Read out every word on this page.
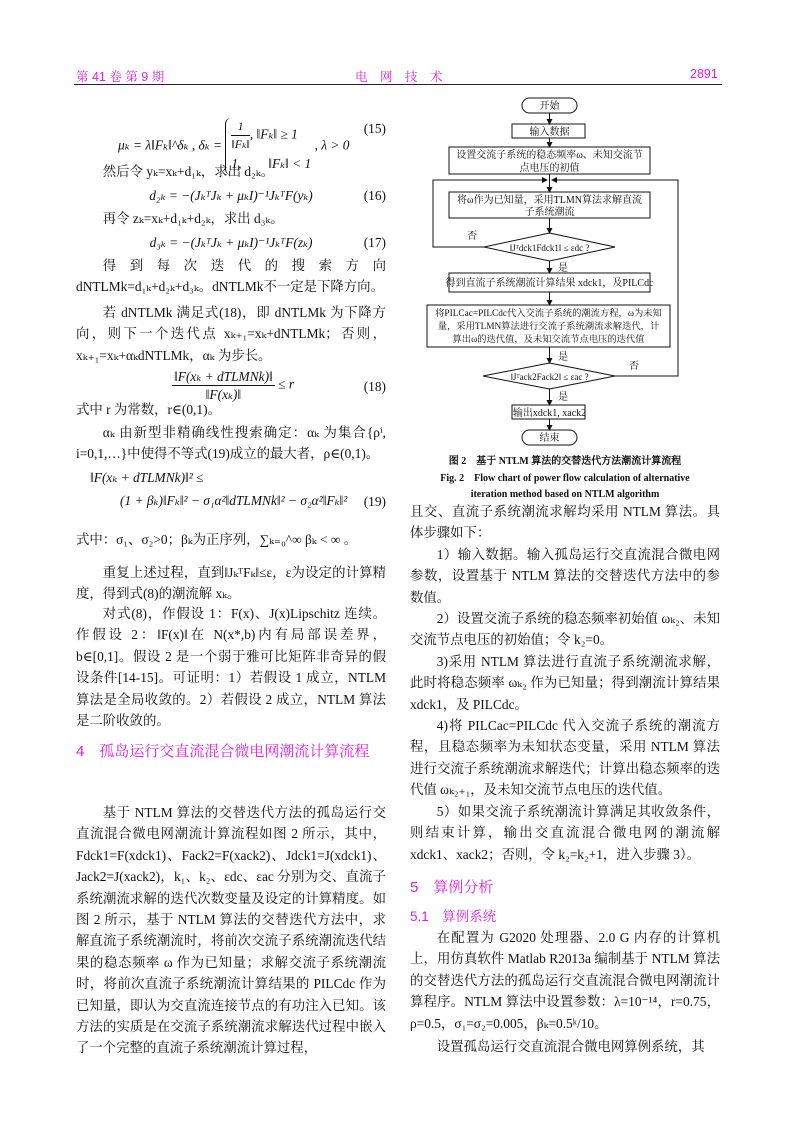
第 41 卷 第 9 期	电　网　技　术	2891
μₖ = λ‖Fₖ‖^δₖ , $\delta_k = \frac{1}{\text{‖Fₖ‖}}$ , ‖Fₖ‖ ≥ 1
1,　　‖Fₖ‖ < 1
, λ > 0
(15)
然后令 yₖ=xₖ+d₁ₖ，求出 d₂ₖ。
d₂ₖ = −(JₖᵀJₖ + μₖI)⁻¹JₖᵀF(yₖ)	(16)
再令 zₖ=xₖ+d₁ₖ+d₂ₖ，求出 d₃ₖ。
d₃ₖ = −(JₖᵀJₖ + μₖI)⁻¹JₖᵀF(zₖ)	(17)
得到每次迭代的搜索方向 dNTLMk=d₁ₖ+d₂ₖ+d₃ₖ。dNTLMk不一定是下降方向。
若 dNTLMk 满足式(18)，即 dNTLMk 为下降方向，则下一个迭代点 xₖ₊₁=xₖ+dNTLMk；否则，xₖ₊₁=xₖ+αₖdNTLMk，αₖ 为步长。
$\frac{\text{‖F(xₖ + dTLMNk)‖}}{\text{‖F(xₖ)‖}} \le r$	(18)
式中 r 为常数，r∈(0,1)。
αₖ 由新型非精确线性搜索确定：αₖ 为集合{ρⁱ, i=0,1,…}中使得不等式(19)成立的最大者，ρ∈(0,1)。
‖F(xₖ + dTLMNk)‖² ≤
(1 + βₖ)‖Fₖ‖² − σ₁α²‖dTLMNk‖² − σ₂α²‖Fₖ‖²	(19)
式中：σ₁、σ₂>0；βₖ为正序列，∑ₖ₌₀^∞ βₖ < ∞ 。
重复上述过程，直到‖JₖᵀFₖ‖≤ε，ε为设定的计算精度，得到式(8)的潮流解 xₖ。
对式(8)，作假设 1：F(x)、J(x)Lipschitz 连续。作假设 2：‖F(x)‖在 N(x*,b)内有局部误差界，b∈[0,1]。假设 2 是一个弱于雅可比矩阵非奇异的假设条件[14-15]。可证明：1）若假设 1 成立，NTLM 算法是全局收敛的。2）若假设 2 成立，NTLM 算法是二阶收敛的。
4　孤岛运行交直流混合微电网潮流计算流程
基于 NTLM 算法的交替迭代方法的孤岛运行交直流混合微电网潮流计算流程如图 2 所示，其中，Fdck1=F(xdck1)、Fack2=F(xack2)、Jdck1=J(xdck1)、Jack2=J(xack2)，k₁、k₂、εdc、εac 分别为交、直流子系统潮流求解的迭代次数变量及设定的计算精度。如图 2 所示，基于 NTLM 算法的交替迭代方法中，求解直流子系统潮流时，将前次交流子系统潮流迭代结果的稳态频率 ω 作为已知量；求解交流子系统潮流时，将前次直流子系统潮流计算结果的 PILCdc 作为已知量，即认为交直流连接节点的有功注入已知。该方法的实质是在交流子系统潮流求解迭代过程中嵌入了一个完整的直流子系统潮流计算过程，
开始
输入数据
设置交流子系统的稳态频率ω、未知交流节
点电压的初值
将ω作为已知量，采用TLMN算法求解直流
子系统潮流
‖Jᵀdck1Fdck1‖ ≤ εdc ?
否
是
得到直流子系统潮流计算结果 xdck1，及PILCdc
将PILCac=PILCdc代入交流子系统的潮流方程，ω为未知
量，采用TLMN算法进行交流子系统潮流求解迭代，计
算出ω的迭代值，及未知交流节点电压的迭代值
是
‖Jᵀack2Fack2‖ ≤ εac ?
否
是
输出xdck1, xack2
结束
图 2　基于 NTLM 算法的交替迭代方法潮流计算流程
Fig. 2　Flow chart of power flow calculation of alternative
iteration method based on NTLM algorithm
且交、直流子系统潮流求解均采用 NTLM 算法。具体步骤如下：
1）输入数据。输入孤岛运行交直流混合微电网参数，设置基于 NTLM 算法的交替迭代方法中的参数值。
2）设置交流子系统的稳态频率初始值 ωₖ₂、未知交流节点电压的初始值；令 k₂=0。
3)采用 NTLM 算法进行直流子系统潮流求解，此时将稳态频率 ωₖ₂ 作为已知量；得到潮流计算结果 xdck1，及 PILCdc。
4)将 PILCac=PILCdc 代入交流子系统的潮流方程，且稳态频率为未知状态变量，采用 NTLM 算法进行交流子系统潮流求解迭代；计算出稳态频率的迭代值 ωₖ₂₊₁，及未知交流节点电压的迭代值。
5）如果交流子系统潮流计算满足其收敛条件，则结束计算，输出交直流混合微电网的潮流解 xdck1、xack2；否则，令 k₂=k₂+1，进入步骤 3）。
5　算例分析
5.1　算例系统
在配置为 G2020 处理器、2.0 G 内存的计算机上，用仿真软件 Matlab R2013a 编制基于 NTLM 算法的交替迭代方法的孤岛运行交直流混合微电网潮流计算程序。NTLM 算法中设置参数：λ=10⁻¹⁴，r=0.75，ρ=0.5，σ₁=σ₂=0.005，βₖ=0.5ᵏ/10。
设置孤岛运行交直流混合微电网算例系统，其
